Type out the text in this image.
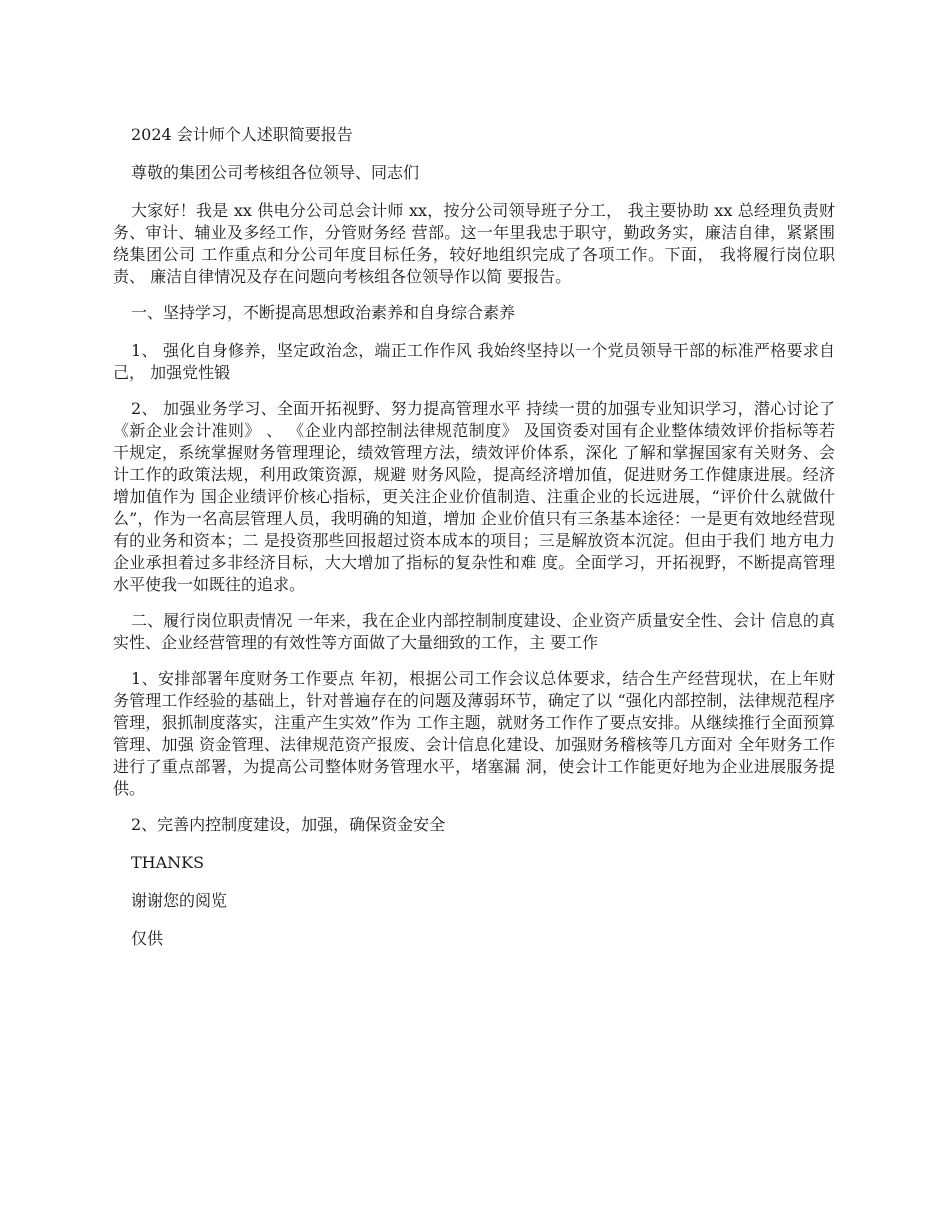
2024 会计师个人述职简要报告

尊敬的集团公司考核组各位领导、同志们

大家好！我是 xx 供电分公司总会计师 xx，按分公司领导班子分工， 我主要协助 xx 总经理负责财务、审计、辅业及多经工作，分管财务经 营部。这一年里我忠于职守，勤政务实，廉洁自律，紧紧围绕集团公司 工作重点和分公司年度目标任务，较好地组织完成了各项工作。下面， 我将履行岗位职责、 廉洁自律情况及存在问题向考核组各位领导作以简 要报告。

一、坚持学习，不断提高思想政治素养和自身综合素养

1、 强化自身修养，坚定政治念，端正工作作风 我始终坚持以一个党员领导干部的标准严格要求自己， 加强党性锻

2、 加强业务学习、全面开拓视野、努力提高管理水平 持续一贯的加强专业知识学习，潜心讨论了《新企业会计准则》 、 《企业内部控制法律规范制度》 及国资委对国有企业整体绩效评价指标等若 干规定，系统掌握财务管理理论，绩效管理方法，绩效评价体系，深化 了解和掌握国家有关财务、会计工作的政策法规，利用政策资源，规避 财务风险，提高经济增加值，促进财务工作健康进展。经济增加值作为 国企业绩评价核心指标，更关注企业价值制造、注重企业的长远进展，“评价什么就做什么”，作为一名高层管理人员，我明确的知道，增加 企业价值只有三条基本途径：一是更有效地经营现有的业务和资本；二 是投资那些回报超过资本成本的项目；三是解放资本沉淀。但由于我们 地方电力企业承担着过多非经济目标，大大增加了指标的复杂性和难 度。全面学习，开拓视野，不断提高管理水平使我一如既往的追求。

二、履行岗位职责情况 一年来，我在企业内部控制制度建设、企业资产质量安全性、会计 信息的真实性、企业经营管理的有效性等方面做了大量细致的工作，主 要工作

1、安排部署年度财务工作要点 年初，根据公司工作会议总体要求，结合生产经营现状，在上年财 务管理工作经验的基础上，针对普遍存在的问题及薄弱环节，确定了以 “强化内部控制，法律规范程序管理，狠抓制度落实，注重产生实效”作为 工作主题，就财务工作作了要点安排。从继续推行全面预算管理、加强 资金管理、法律规范资产报废、会计信息化建设、加强财务稽核等几方面对 全年财务工作进行了重点部署，为提高公司整体财务管理水平，堵塞漏 洞，使会计工作能更好地为企业进展服务提供。

2、完善内控制度建设，加强，确保资金安全

THANKS

谢谢您的阅览

仅供
